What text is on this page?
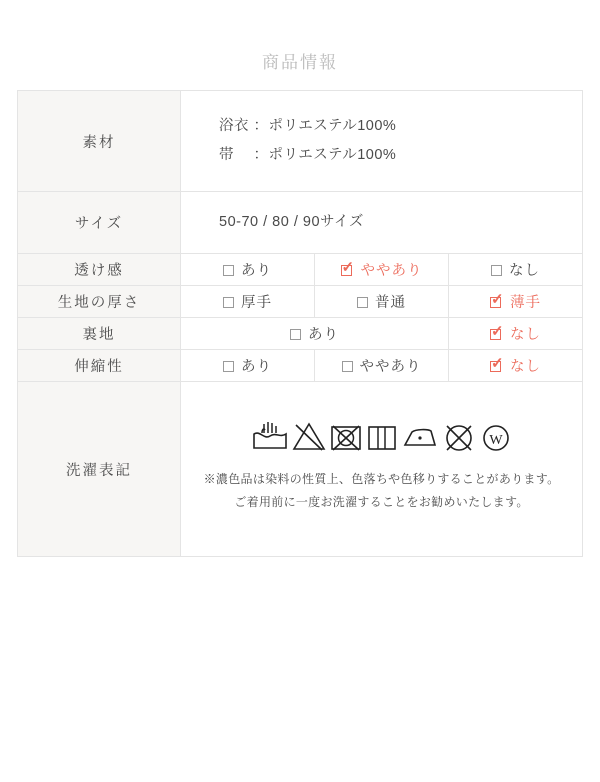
商品情報
素材	浴衣 ：ポリエステル100%
帯　 ：ポリエステル100%		

サイズ	50-70 / 80 / 90サイズ		
透け感	あり	✓ ややあり	なし
生地の厚さ	厚手	普通	✓ 薄手
裏地	あり		✓ なし
伸縮性	あり	ややあり	✓ なし
洗濯表記	W
※濃色品は染料の性質上、色落ちや色移りすることがあります。
ご着用前に一度お洗濯することをお勧めいたします。		
